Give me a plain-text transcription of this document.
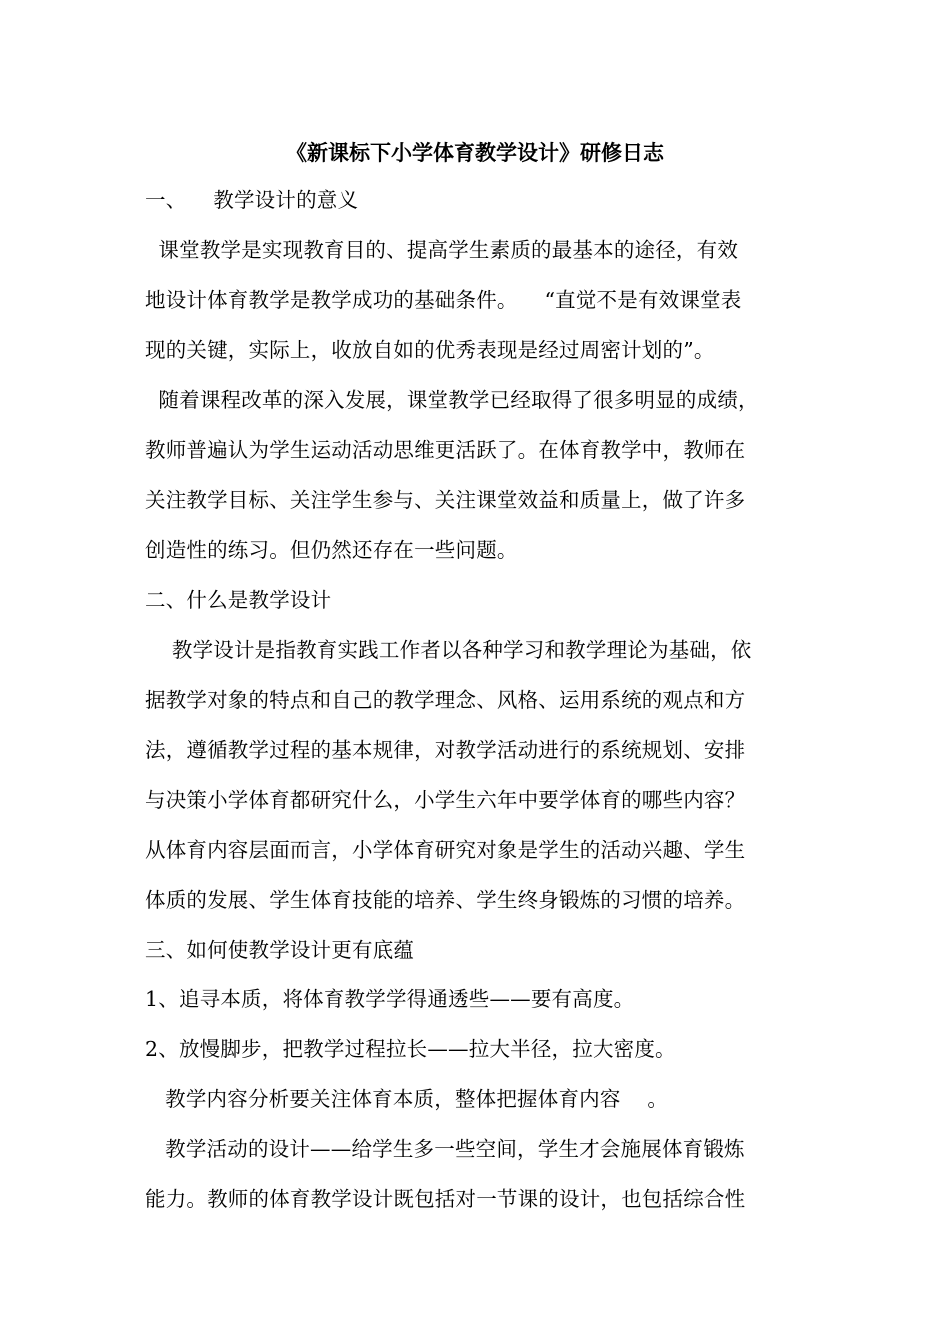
《新课标下小学体育教学设计》研修日志
一、    教学设计的意义
课堂教学是实现教育目的、提高学生素质的最基本的途径，有效
地设计体育教学是教学成功的基础条件。    “直觉不是有效课堂表
现的关键，实际上，收放自如的优秀表现是经过周密计划的”。
随着课程改革的深入发展，课堂教学已经取得了很多明显的成绩，
教师普遍认为学生运动活动思维更活跃了。在体育教学中，教师在
关注教学目标、关注学生参与、关注课堂效益和质量上，做了许多
创造性的练习。但仍然还存在一些问题。
二、什么是教学设计
教学设计是指教育实践工作者以各种学习和教学理论为基础，依
据教学对象的特点和自己的教学理念、风格、运用系统的观点和方
法，遵循教学过程的基本规律，对教学活动进行的系统规划、安排
与决策小学体育都研究什么，小学生六年中要学体育的哪些内容？
从体育内容层面而言，小学体育研究对象是学生的活动兴趣、学生
体质的发展、学生体育技能的培养、学生终身锻炼的习惯的培养。
三、如何使教学设计更有底蕴
1、追寻本质，将体育教学学得通透些——要有高度。
2、放慢脚步，把教学过程拉长——拉大半径，拉大密度。
教学内容分析要关注体育本质，整体把握体育内容    。
教学活动的设计——给学生多一些空间，学生才会施展体育锻炼
能力。教师的体育教学设计既包括对一节课的设计，也包括综合性
